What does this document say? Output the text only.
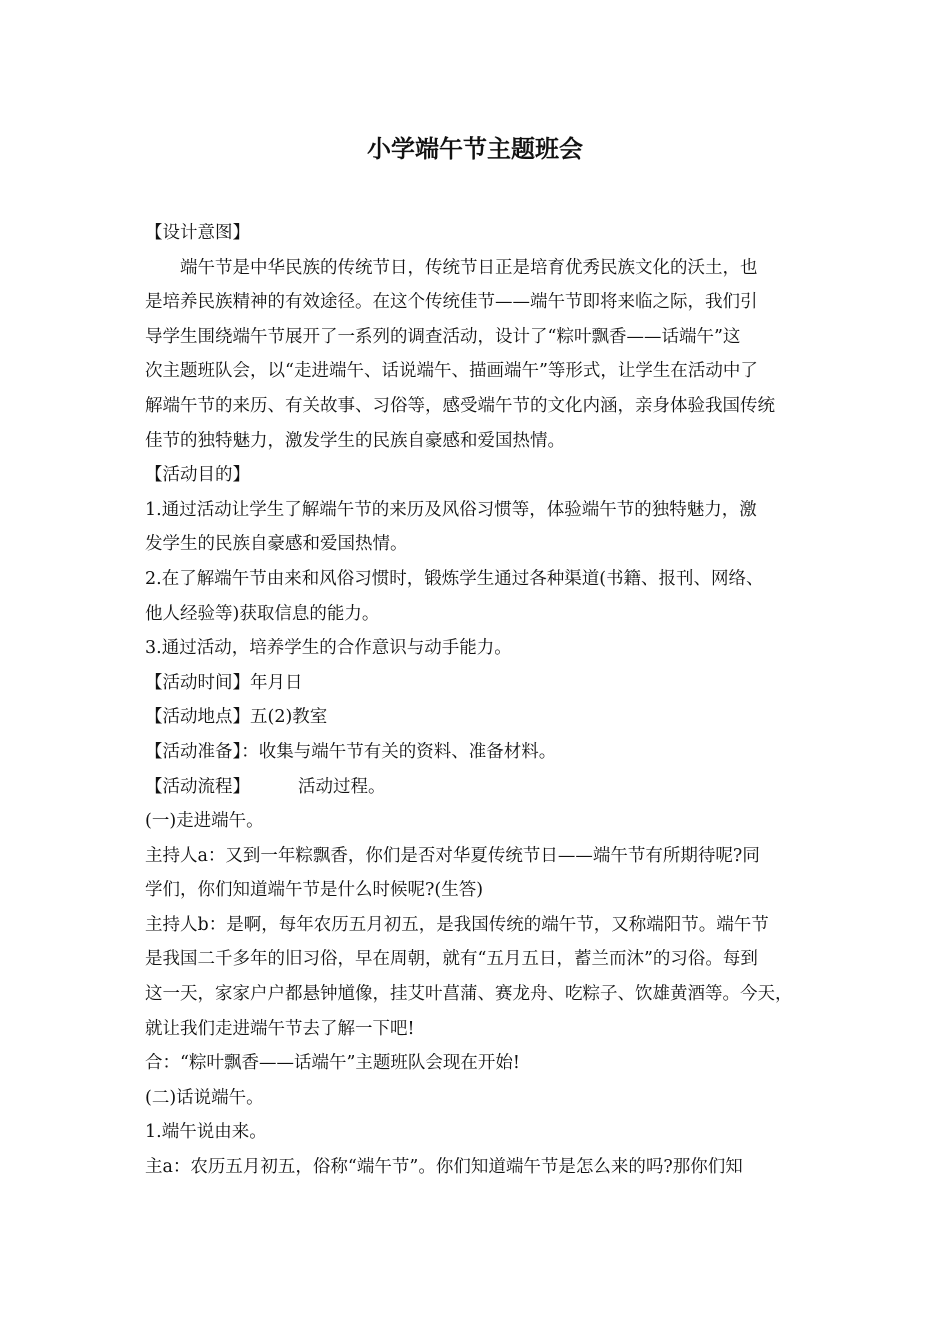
小学端午节主题班会

【设计意图】

端午节是中华民族的传统节日，传统节日正是培育优秀民族文化的沃土，也

是培养民族精神的有效途径。在这个传统佳节——端午节即将来临之际，我们引

导学生围绕端午节展开了一系列的调查活动，设计了“粽叶飘香——话端午”这

次主题班队会，以“走进端午、话说端午、描画端午”等形式，让学生在活动中了

解端午节的来历、有关故事、习俗等，感受端午节的文化内涵，亲身体验我国传统

佳节的独特魅力，激发学生的民族自豪感和爱国热情。

【活动目的】

1.通过活动让学生了解端午节的来历及风俗习惯等，体验端午节的独特魅力，激

发学生的民族自豪感和爱国热情。

2.在了解端午节由来和风俗习惯时，锻炼学生通过各种渠道(书籍、报刊、网络、

他人经验等)获取信息的能力。

3.通过活动，培养学生的合作意识与动手能力。

【活动时间】年月日

【活动地点】五(2)教室

【活动准备】：收集与端午节有关的资料、准备材料。

【活动流程】	活动过程。

(一)走进端午。

主持人a：又到一年粽飘香，你们是否对华夏传统节日——端午节有所期待呢?同

学们，你们知道端午节是什么时候呢?(生答)

主持人b：是啊，每年农历五月初五，是我国传统的端午节，又称端阳节。端午节

是我国二千多年的旧习俗，早在周朝，就有“五月五日，蓄兰而沐”的习俗。每到

这一天，家家户户都悬钟馗像，挂艾叶菖蒲、赛龙舟、吃粽子、饮雄黄酒等。今天，

就让我们走进端午节去了解一下吧!

合：“粽叶飘香——话端午”主题班队会现在开始!

(二)话说端午。

1.端午说由来。

主a：农历五月初五，俗称“端午节”。你们知道端午节是怎么来的吗?那你们知
